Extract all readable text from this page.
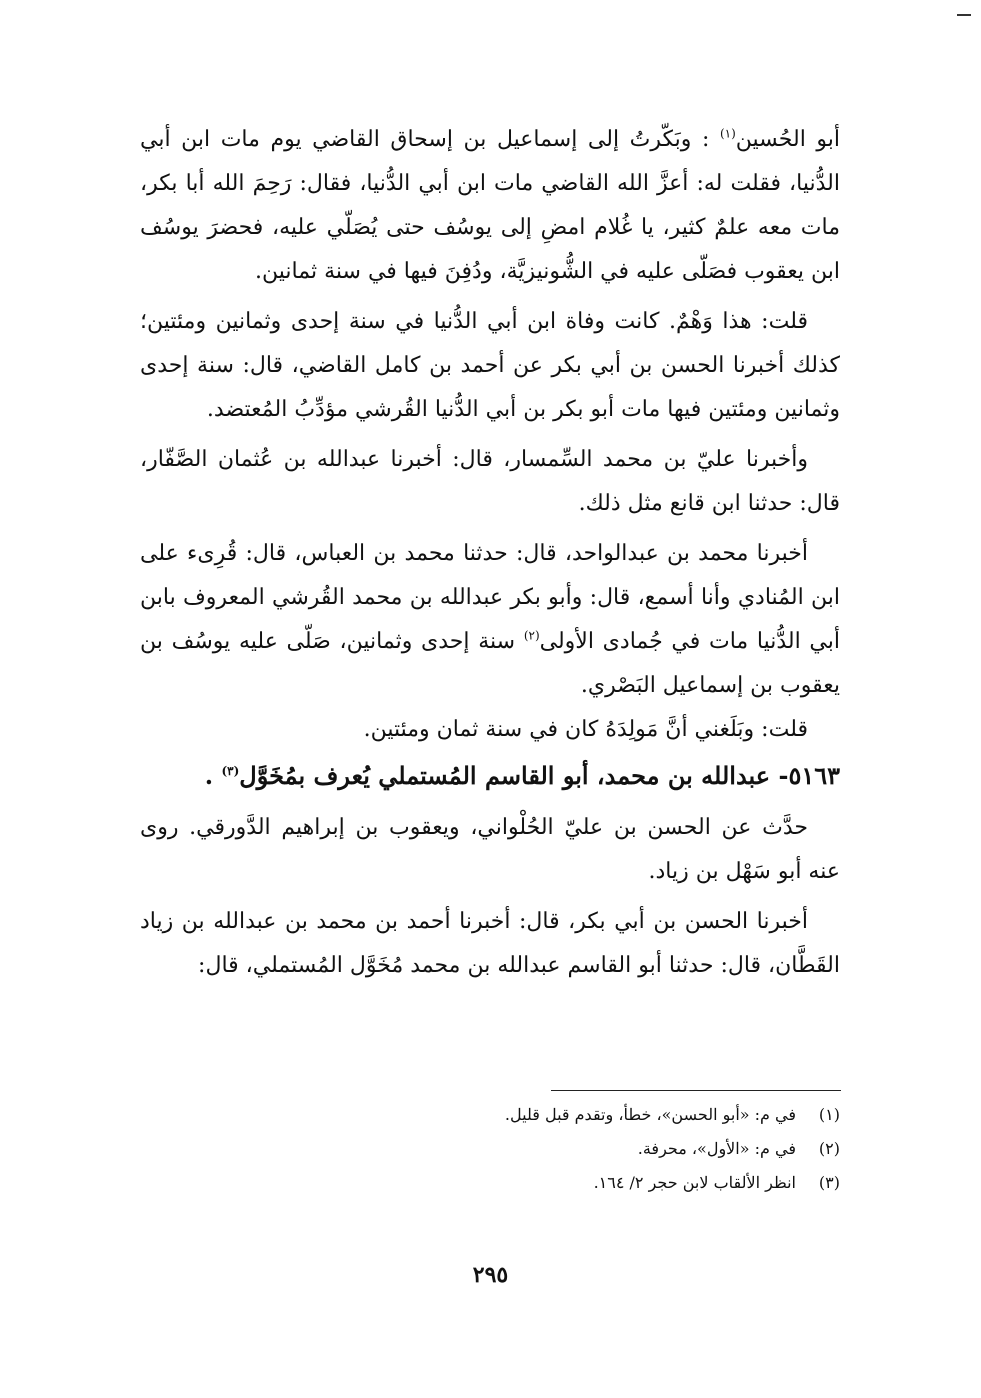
أبو الحُسين$^{(١)}$ : وبَكّرتُ إلى إسماعيل بن إسحاق القاضي يوم مات ابن أبي الدُّنيا، فقلت له: أعزَّ الله القاضي مات ابن أبي الدُّنيا، فقال: رَحِمَ الله أبا بكر، مات معه علمٌ كثير، يا غُلام امضِ إلى يوسُف حتى يُصَلّي عليه، فحضرَ يوسُف ابن يعقوب فصَلّى عليه في الشُّونيزيَّة، ودُفِنَ فيها في سنة ثمانين.

قلت: هذا وَهْمٌ. كانت وفاة ابن أبي الدُّنيا في سنة إحدى وثمانين ومئتين؛ كذلك أخبرنا الحسن بن أبي بكر عن أحمد بن كامل القاضي، قال: سنة إحدى وثمانين ومئتين فيها مات أبو بكر بن أبي الدُّنيا القُرشي مؤدِّبُ المُعتضد.

وأخبرنا عليّ بن محمد السِّمسار، قال: أخبرنا عبدالله بن عُثمان الصَّفّار، قال: حدثنا ابن قانع مثل ذلك.

أخبرنا محمد بن عبدالواحد، قال: حدثنا محمد بن العباس، قال: قُرِىء على ابن المُنادي وأنا أسمع، قال: وأبو بكر عبدالله بن محمد القُرشي المعروف بابن أبي الدُّنيا مات في جُمادى الأولى$^{(٢)}$ سنة إحدى وثمانين، صَلّى عليه يوسُف بن يعقوب بن إسماعيل البَصْري.

قلت: وبَلَغني أنَّ مَولِدَهُ كان في سنة ثمان ومئتين.

٥١٦٣- عبدالله بن محمد، أبو القاسم المُستملي يُعرف بمُخَوَّل$^{(٣)}$ .

حدَّث عن الحسن بن عليّ الحُلْواني، ويعقوب بن إبراهيم الدَّورقي. روى عنه أبو سَهْل بن زياد.

أخبرنا الحسن بن أبي بكر، قال: أخبرنا أحمد بن محمد بن عبدالله بن زياد القَطَّان، قال: حدثنا أبو القاسم عبدالله بن محمد مُخَوَّل المُستملي، قال:

(١)في م: «أبو الحسن»، خطأ، وتقدم قبل قليل.
(٢)في م: «الأول»، محرفة.
(٣)انظر الألقاب لابن حجر ٢/ ١٦٤.
٢٩٥
